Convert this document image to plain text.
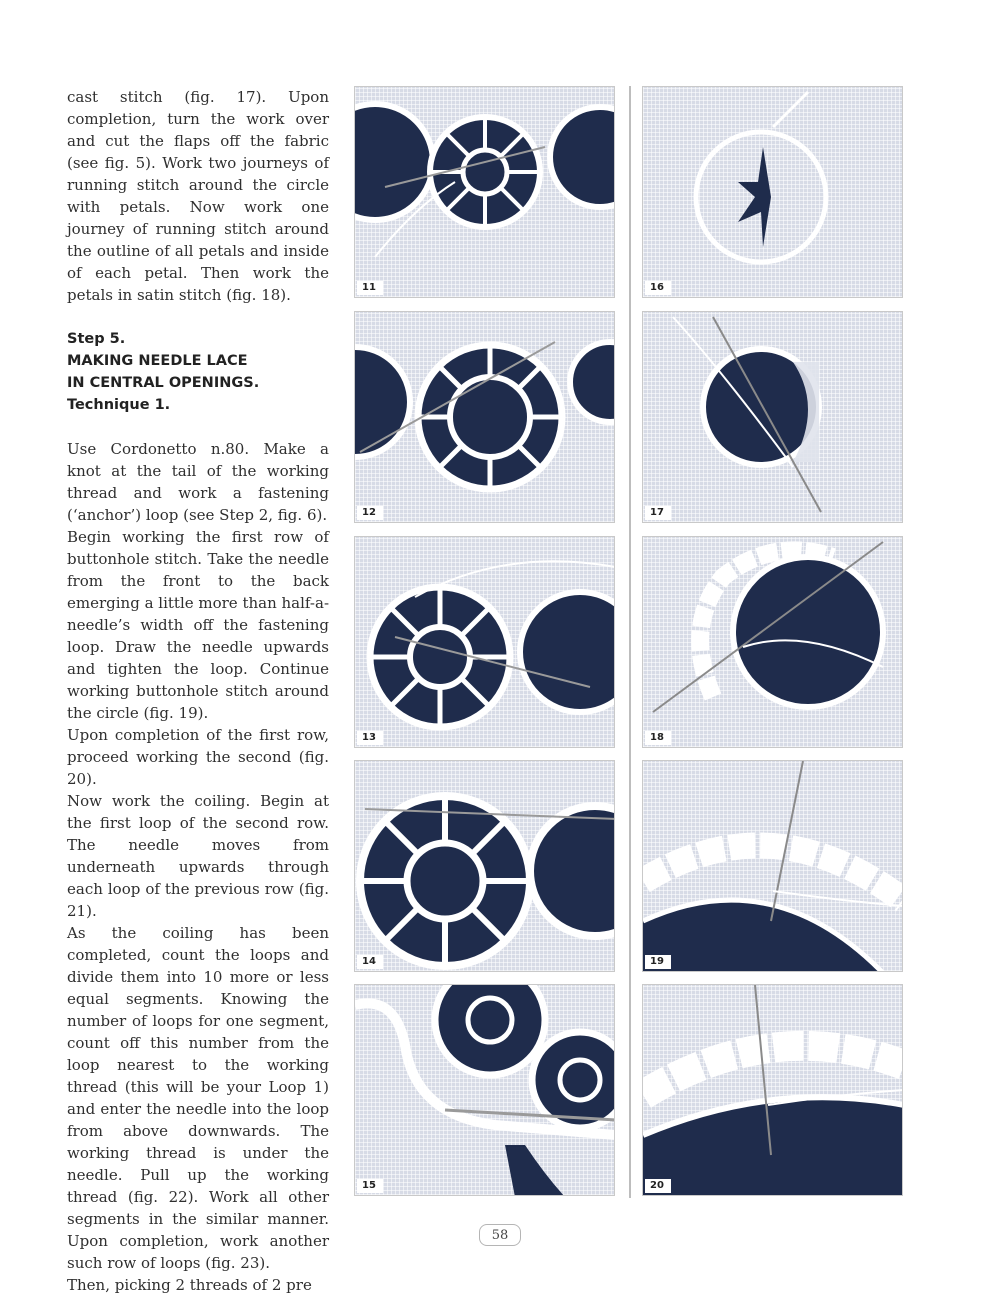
cast stitch (fig. 17). Upon completion, turn the work over and cut the flaps off the fabric (see fig. 5). Work two journeys of running stitch around the circle with petals. Now work one journey of running stitch around the outline of all petals and inside of each petal. Then work the petals in satin stitch (fig. 18).

Step 5.

MAKING NEEDLE LACE

IN CENTRAL OPENINGS.

Technique 1.

Use Cordonetto n.80. Make a knot at the tail of the working thread and work a fastening (‘anchor’) loop (see Step 2, fig. 6).

Begin working the first row of buttonhole stitch. Take the needle from the front to the back emerging a little more than half-a-needle’s width off the fastening loop. Draw the needle upwards and tighten the loop. Continue working buttonhole stitch around the circle (fig. 19).

Upon completion of the first row, proceed working the second (fig. 20).

Now work the coiling. Begin at the first loop of the second row. The needle moves from underneath upwards through each loop of the previous row (fig. 21).

As the coiling has been completed, count the loops and divide them into 10 more or less equal segments. Knowing the number of loops for one segment, count off this number from the loop nearest to the working thread (this will be your Loop 1) and enter the needle into the loop from above downwards. The working thread is under the needle. Pull up the working thread (fig. 22). Work all other segments in the similar manner. Upon completion, work another such row of loops (fig. 23).

Then, picking 2 threads of 2 pre

11
12
13
14
15
16
17
18
19
20
58
